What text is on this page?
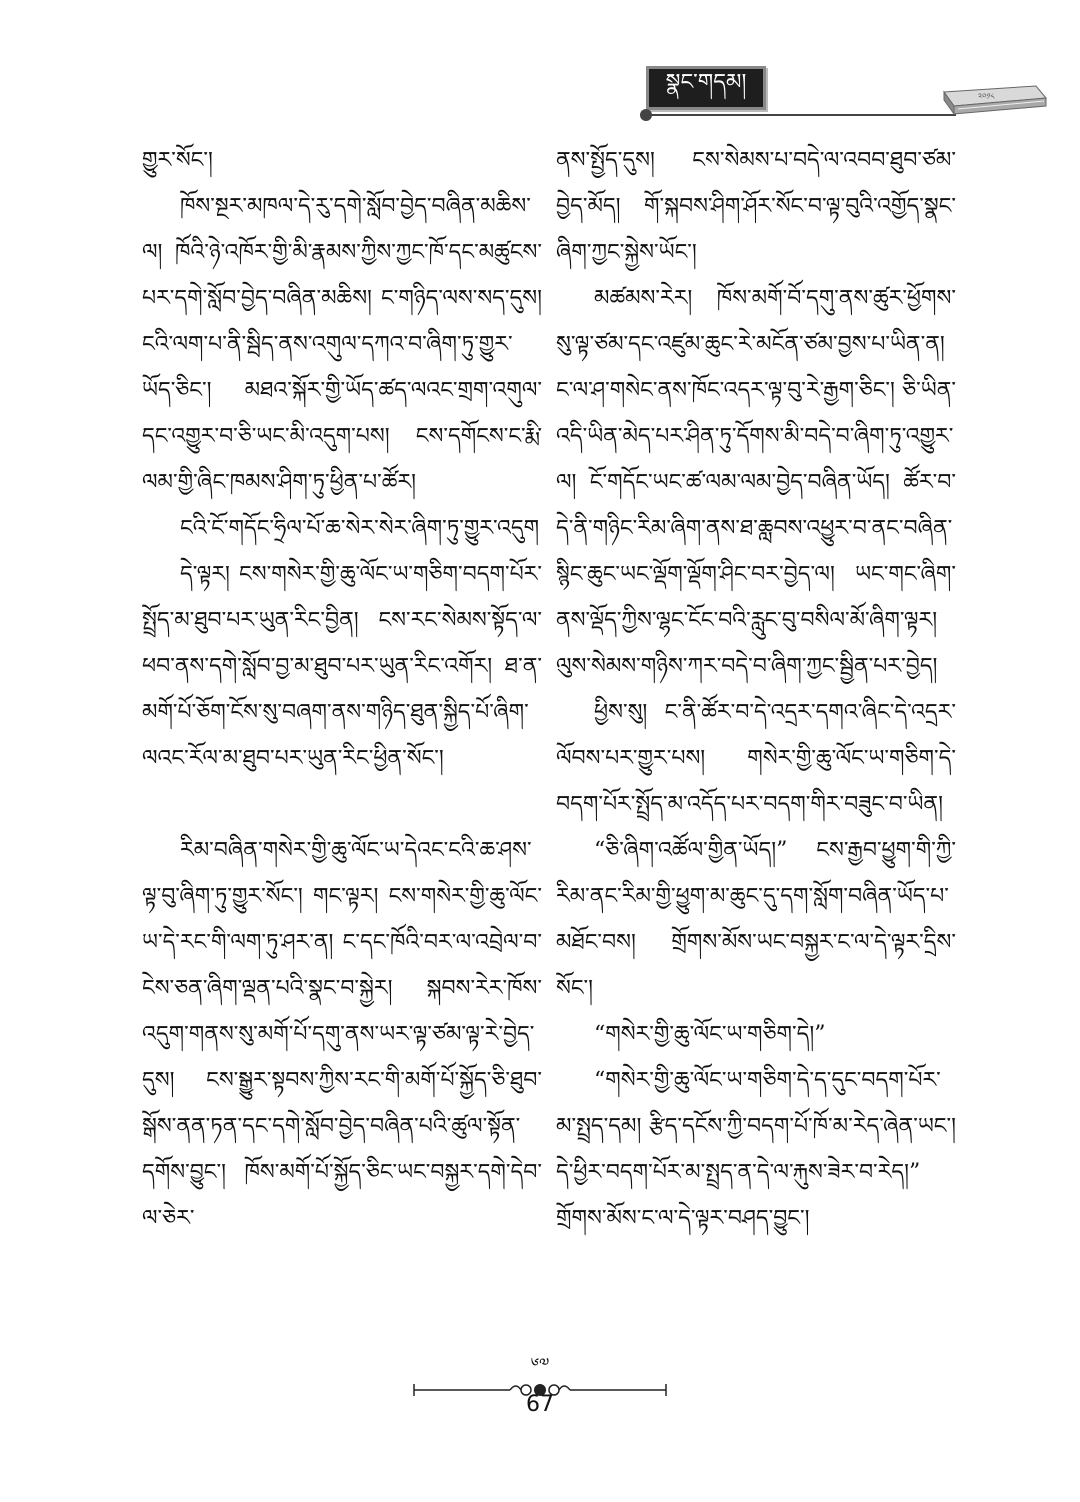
སྣང་གདམ།
༢༠༡༨

གྱུར་སོང་།

ཁོས་སྔར་མཁལ་དེ་རུ་དགེ་སློབ་བྱེད་བཞིན་མཆིས་ལ། ཁོའི་ཉེ་འཁོར་གྱི་མི་རྣམས་ཀྱིས་ཀྱང་ཁོ་དང་མཚུངས་པར་དགེ་སློབ་བྱེད་བཞིན་མཆིས། ང་གཉིད་ལས་སད་དུས། ངའི་ལག་པ་ནི་སྦིད་ནས་འགུལ་དཀའ་བ་ཞིག་ཏུ་གྱུར་ཡོད་ཅིང་། མཐའ་སྐོར་གྱི་ཡོད་ཚད་ལའང་གྲག་འགུལ་དང་འགྱུར་བ་ཅི་ཡང་མི་འདུག་པས། ངས་དགོངས་ང་རྨི་ལམ་གྱི་ཞིང་ཁམས་ཤིག་ཏུ་ཕྱིན་པ་ཚོར།

ངའི་ངོ་གདོང་ཧྲིལ་པོ་ཆ་སེར་སེར་ཞིག་ཏུ་གྱུར་འདུག

དེ་ལྟར། ངས་གསེར་གྱི་ཆུ་ལོང་ཡ་གཅིག་བདག་པོར་སྤྲོད་མ་ཐུབ་པར་ཡུན་རིང་བྱིན། ངས་རང་སེམས་སྟོད་ལ་ཕབ་ནས་དགེ་སློབ་བྱ་མ་ཐུབ་པར་ཡུན་རིང་འགོར། ཐ་ན་མགོ་པོ་ཅོག་ངོས་སུ་བཞག་ནས་གཉིད་ཐུན་སྐྱིད་པོ་ཞིག་ལའང་རོལ་མ་ཐུབ་པར་ཡུན་རིང་ཕྱིན་སོང་།

རིམ་བཞིན་གསེར་གྱི་ཆུ་ལོང་ཡ་དེའང་ངའི་ཆ་ཤས་ལྟ་བུ་ཞིག་ཏུ་གྱུར་སོང་། གང་ལྟར། ངས་གསེར་གྱི་ཆུ་ལོང་ཡ་དེ་རང་གི་ལག་ཏུ་ཤར་ན། ང་དང་ཁོའི་བར་ལ་འབྲེལ་བ་ངེས་ཅན་ཞིག་ལྡན་པའི་སྣང་བ་སྐྱེར། སྐབས་རེར་ཁོས་འདུག་གནས་སུ་མགོ་པོ་དགུ་ནས་ཡར་ལྟ་ཙམ་ལྟ་རེ་བྱེད་དུས། ངས་སྒྱུར་སྟབས་ཀྱིས་རང་གི་མགོ་པོ་སྐྱོད་ཅི་ཐུབ་སྒོས་ནན་ཏན་དང་དགེ་སློབ་བྱེད་བཞིན་པའི་ཚུལ་སྟོན་དགོས་བྱུང་། ཁོས་མགོ་པོ་སྐྱོད་ཅིང་ཡང་བསྐྱར་དགེ་དེབ་ལ་ཅེར་

ནས་སྤྱོད་དུས། ངས་སེམས་པ་བདེ་ལ་འབབ་ཐུབ་ཙམ་བྱེད་མོད། གོ་སྐབས་ཤིག་ཤོར་སོང་བ་ལྟ་བུའི་འགྱོད་སྣང་ཞིག་ཀྱང་སྐྱེས་ཡོང་།

མཚམས་རེར། ཁོས་མགོ་བོ་དགུ་ནས་ཚུར་ཕྱོགས་སུ་ལྟ་ཙམ་དང་འཛུམ་ཆུང་རེ་མངོན་ཙམ་བྱས་པ་ཡིན་ན། ང་ལ་ཤ་གསེང་ནས་ཁོང་འདར་ལྟ་བུ་རེ་རྒྱག་ཅིང་། ཅི་ཡིན་འདི་ཡིན་མེད་པར་ཤིན་ཏུ་དོགས་མི་བདེ་བ་ཞིག་ཏུ་འགྱུར་ལ། ངོ་གདོང་ཡང་ཚ་ལམ་ལམ་བྱེད་བཞིན་ཡོད། ཚོར་བ་དེ་ནི་གཉིང་རིམ་ཞིག་ནས་ཐ་ཆླབས་འཕྱུར་བ་ནང་བཞིན་སྙིང་ཆུང་ཡང་ལྡོག་ལྡོག་ཤིང་བར་བྱེད་ལ། ཡང་གང་ཞིག་ནས་ལྡོད་ཀྱིས་ལྷང་ངོང་བའི་རླུང་བུ་བསིལ་མོ་ཞིག་ལྟར། ལུས་སེམས་གཉིས་ཀར་བདེ་བ་ཞིག་ཀྱང་སྦྱིན་པར་བྱེད།

ཕྱིས་སུ། ང་ནི་ཚོར་བ་དེ་འདྲར་དགའ་ཞིང་དེ་འདྲར་ལོབས་པར་གྱུར་པས། གསེར་གྱི་ཆུ་ལོང་ཡ་གཅིག་དེ་བདག་པོར་སྤྲོད་མ་འདོད་པར་བདག་གིར་བཟུང་བ་ཡིན།

“ཅི་ཞིག་འཚོལ་གྱིན་ཡོད།” ངས་རྒྱབ་ཕྱུག་གི་ཀྱི་རིམ་ནང་རིམ་གྱི་ཕྱུག་མ་ཆུང་དུ་དག་སློག་བཞིན་ཡོད་པ་མཐོང་བས། གྲོགས་མོས་ཡང་བསྐྱར་ང་ལ་དེ་ལྟར་དྲིས་སོང་།

“གསེར་གྱི་ཆུ་ལོང་ཡ་གཅིག་དེ།”

“གསེར་གྱི་ཆུ་ལོང་ཡ་གཅིག་དེ་ད་དུང་བདག་པོར་མ་སྤྲད་དམ། རྩིད་དངོས་ཀྱི་བདག་པོ་ཁོ་མ་རེད་ཞེན་ཡང་། དེ་ཕྱིར་བདག་པོར་མ་སྤྲད་ན་དེ་ལ་རྐུས་ཟེར་བ་རེད།” གྲོགས་མོས་ང་ལ་དེ་ལྟར་བཤད་བྱུང་།

༦༧
67
